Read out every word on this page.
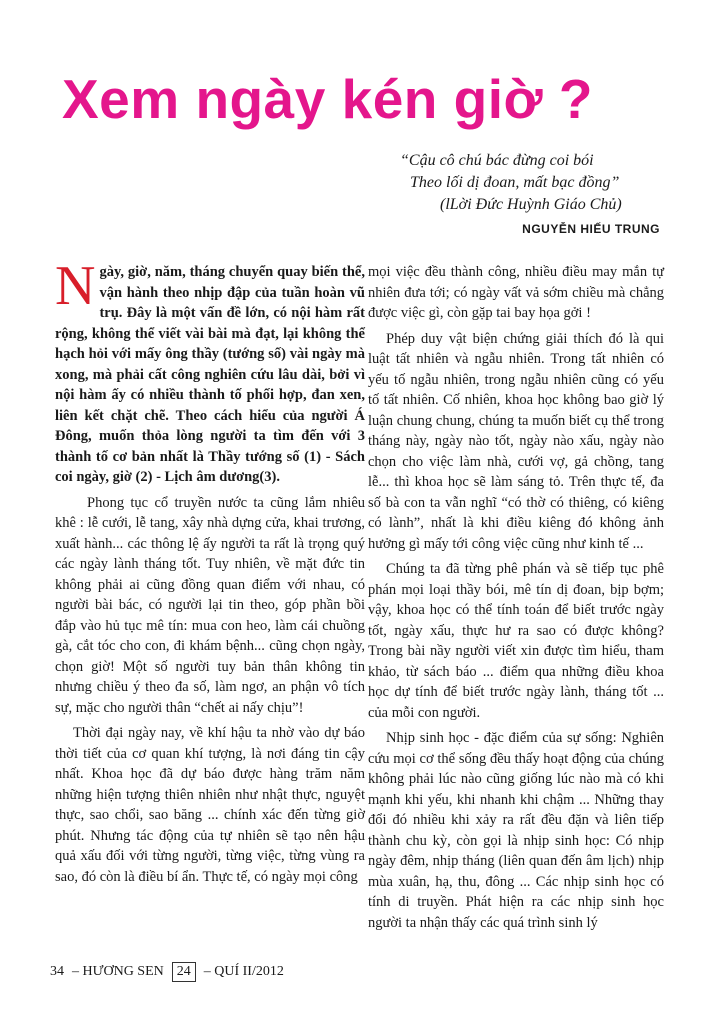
Xem ngày kén giờ ?
“Cậu cô chú bác đừng coi bói
Theo lối dị đoan, mất bạc đồng”
(lLời Đức Huỳnh Giáo Chủ)
NGUYỄN HIẾU TRUNG

Ngày, giờ, năm, tháng chuyển quay biến thể, vận hành theo nhịp đập của tuần hoàn vũ trụ. Đây là một vấn đề lớn, có nội hàm rất rộng, không thể viết vài bài mà đạt, lại không thể hạch hỏi với mấy ông thầy (tướng số) vài ngày mà xong, mà phải cất công nghiên cứu lâu dài, bởi vì nội hàm ấy có nhiều thành tố phối hợp, đan xen, liên kết chặt chẽ. Theo cách hiểu của người Á Đông, muốn thỏa lòng người ta tìm đến với 3 thành tố cơ bản nhất là Thầy tướng số (1) - Sách coi ngày, giờ (2) - Lịch âm dương(3).

Phong tục cổ truyền nước ta cũng lắm nhiêu khê : lễ cưới, lễ tang, xây nhà dựng cửa, khai trương, xuất hành... các thông lệ ấy người ta rất là trọng quý các ngày lành tháng tốt. Tuy nhiên, về mặt đức tin không phải ai cũng đồng quan điểm với nhau, có người bài bác, có người lại tin theo, góp phần bồi đắp vào hủ tục mê tín: mua con heo, làm cái chuồng gà, cắt tóc cho con, đi khám bệnh... cũng chọn ngày, chọn giờ! Một số người tuy bản thân không tin nhưng chiều ý theo đa số, làm ngơ, an phận vô tích sự, mặc cho người thân “chết ai nấy chịu”!

Thời đại ngày nay, về khí hậu ta nhờ vào dự báo thời tiết của cơ quan khí tượng, là nơi đáng tin cậy nhất. Khoa học đã dự báo được hàng trăm năm những hiện tượng thiên nhiên như nhật thực, nguyệt thực, sao chổi, sao băng ... chính xác đến từng giờ phút. Nhưng tác động của tự nhiên sẽ tạo nên hậu quả xấu đối với từng người, từng việc, từng vùng ra sao, đó còn là điều bí ẩn. Thực tế, có ngày mọi công

mọi việc đều thành công, nhiều điều may mắn tự nhiên đưa tới; có ngày vất vả sớm chiều mà chẳng được việc gì, còn gặp tai bay họa gởi !

Phép duy vật biện chứng giải thích đó là qui luật tất nhiên và ngẫu nhiên. Trong tất nhiên có yếu tố ngẫu nhiên, trong ngẫu nhiên cũng có yếu tố tất nhiên. Cố nhiên, khoa học không bao giờ lý luận chung chung, chúng ta muốn biết cụ thể trong tháng này, ngày nào tốt, ngày nào xấu, ngày nào chọn cho việc làm nhà, cưới vợ, gả chồng, tang lễ... thì khoa học sẽ làm sáng tỏ. Trên thực tế, đa số bà con ta vẫn nghĩ “có thờ có thiêng, có kiêng có lành”, nhất là khi điều kiêng đó không ảnh hưởng gì mấy tới công việc cũng như kinh tế ...

Chúng ta đã từng phê phán và sẽ tiếp tục phê phán mọi loại thầy bói, mê tín dị đoan, bịp bợm; vậy, khoa học có thể tính toán để biết trước ngày tốt, ngày xấu, thực hư ra sao có được không? Trong bài nầy người viết xin được tìm hiểu, tham khảo, từ sách báo ... điểm qua những điều khoa học dự tính để biết trước ngày lành, tháng tốt ... của mỗi con người.

Nhịp sinh học - đặc điểm của sự sống: Nghiên cứu mọi cơ thể sống đều thấy hoạt động của chúng không phải lúc nào cũng giống lúc nào mà có khi mạnh khi yếu, khi nhanh khi chậm ... Những thay đổi đó nhiều khi xảy ra rất đều đặn và liên tiếp thành chu kỳ, còn gọi là nhịp sinh học: Có nhịp ngày đêm, nhịp tháng (liên quan đến âm lịch) nhịp mùa xuân, hạ, thu, đông ... Các nhịp sinh học có tính di truyền. Phát hiện ra các nhịp sinh học người ta nhận thấy các quá trình sinh lý

34 – HƯƠNG SEN 24 – QUÍ II/2012
